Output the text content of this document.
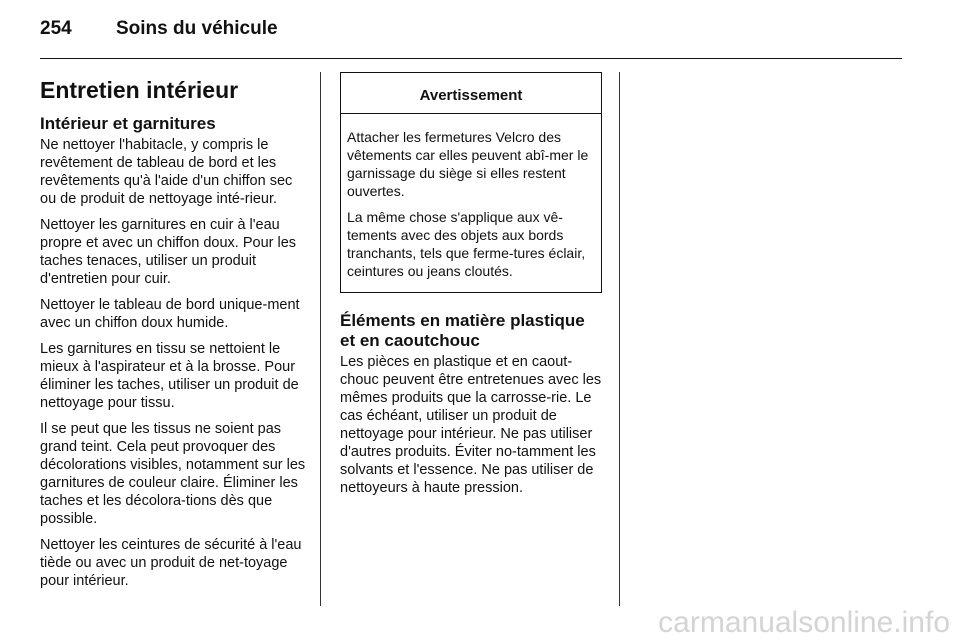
254	Soins du véhicule
Entretien intérieur
Intérieur et garnitures

Ne nettoyer l'habitacle, y compris le revêtement de tableau de bord et les revêtements qu'à l'aide d'un chiffon sec ou de produit de nettoyage inté-rieur.

Nettoyer les garnitures en cuir à l'eau propre et avec un chiffon doux. Pour les taches tenaces, utiliser un produit d'entretien pour cuir.

Nettoyer le tableau de bord unique-ment avec un chiffon doux humide.

Les garnitures en tissu se nettoient le mieux à l'aspirateur et à la brosse. Pour éliminer les taches, utiliser un produit de nettoyage pour tissu.

Il se peut que les tissus ne soient pas grand teint. Cela peut provoquer des décolorations visibles, notamment sur les garnitures de couleur claire. Éliminer les taches et les décolora-tions dès que possible.

Nettoyer les ceintures de sécurité à l'eau tiède ou avec un produit de net-toyage pour intérieur.

Avertissement

Attacher les fermetures Velcro des vêtements car elles peuvent abî-mer le garnissage du siège si elles restent ouvertes.

La même chose s'applique aux vê-tements avec des objets aux bords tranchants, tels que ferme-tures éclair, ceintures ou jeans cloutés.

Éléments en matière plastique et en caoutchouc

Les pièces en plastique et en caout-chouc peuvent être entretenues avec les mêmes produits que la carrosse-rie. Le cas échéant, utiliser un produit de nettoyage pour intérieur. Ne pas utiliser d'autres produits. Éviter no-tamment les solvants et l'essence. Ne pas utiliser de nettoyeurs à haute pression.

carmanualsonline.info
